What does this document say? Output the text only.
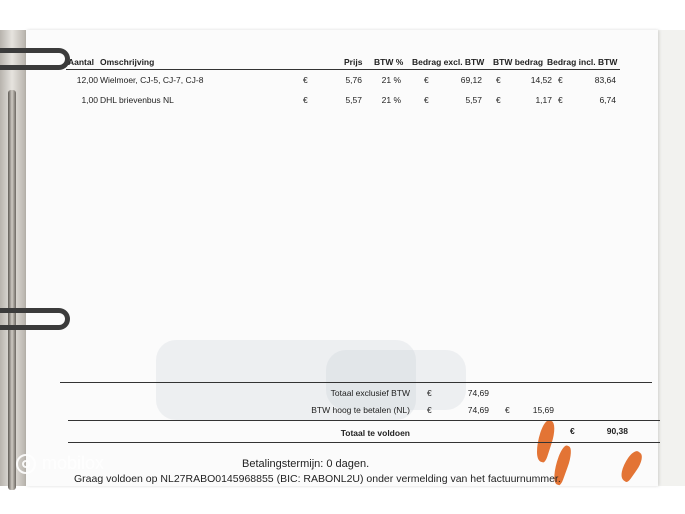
Aantal Omschrijving	Prijs BTW % Bedrag excl. BTW BTW bedrag Bedrag incl. BTW
12,00 Wielmoer, CJ-5, CJ-7, CJ-8	€	5,76	21 %	€	69,12 €	14,52 €	83,64
1,00 DHL brievenbus NL	€	5,57	21 %	€	5,57 €	1,17 €	6,74
Totaal exclusief BTW €	74,69
BTW hoog te betalen (NL) €	74,69 €	15,69
Totaal te voldoen	€	90,38
Betalingstermijn: 0 dagen.
Graag voldoen op NL27RABO0145968855 (BIC: RABONL2U) onder vermelding van het factuurnummer.
mobilox
